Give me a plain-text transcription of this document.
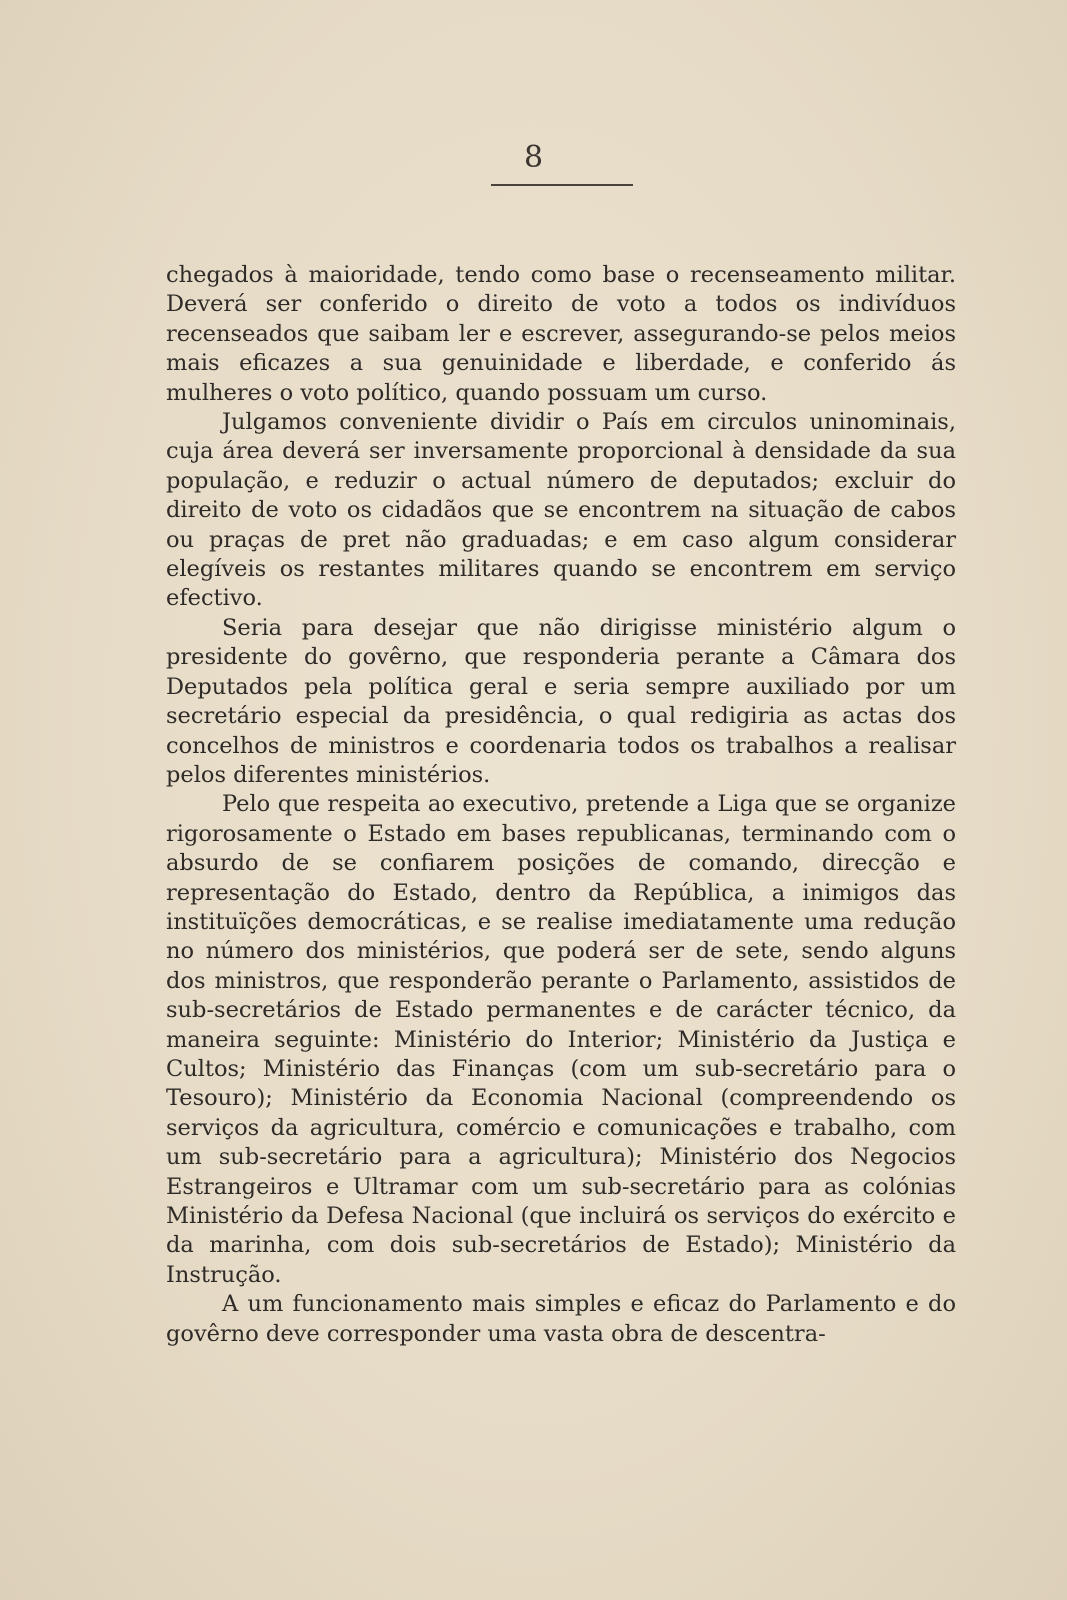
8

chegados à maioridade, tendo como base o recenseamento militar. Deverá ser conferido o direito de voto a todos os indivíduos recenseados que saibam ler e escrever, assegurando-se pelos meios mais eficazes a sua genuinidade e liberdade, e conferido ás mulheres o voto político, quando possuam um curso.

Julgamos conveniente dividir o País em circulos uninominais, cuja área deverá ser inversamente proporcional à densidade da sua população, e reduzir o actual número de deputados; excluir do direito de voto os cidadãos que se encontrem na situação de cabos ou praças de pret não graduadas; e em caso algum considerar elegíveis os restantes militares quando se encontrem em serviço efectivo.

Seria para desejar que não dirigisse ministério algum o presidente do govêrno, que responderia perante a Câmara dos Deputados pela política geral e seria sempre auxiliado por um secretário especial da presidência, o qual redigiria as actas dos concelhos de ministros e coordenaria todos os trabalhos a realisar pelos diferentes ministérios.

Pelo que respeita ao executivo, pretende a Liga que se organize rigorosamente o Estado em bases republicanas, terminando com o absurdo de se confiarem posições de comando, direcção e representação do Estado, dentro da República, a inimigos das instituïções democráticas, e se realise imediatamente uma redução no número dos ministérios, que poderá ser de sete, sendo alguns dos ministros, que responderão perante o Parlamento, assistidos de sub-secretários de Estado permanentes e de carácter técnico, da maneira seguinte: Ministério do Interior; Ministério da Justiça e Cultos; Ministério das Finanças (com um sub-secretário para o Tesouro); Ministério da Economia Nacional (compreendendo os serviços da agricultura, comércio e comunicações e trabalho, com um sub-secretário para a agricultura); Ministério dos Negocios Estrangeiros e Ultramar com um sub-secretário para as colónias Ministério da Defesa Nacional (que incluirá os serviços do exército e da marinha, com dois sub-secretários de Estado); Ministério da Instrução.

A um funcionamento mais simples e eficaz do Parlamento e do govêrno deve corresponder uma vasta obra de descentra-
